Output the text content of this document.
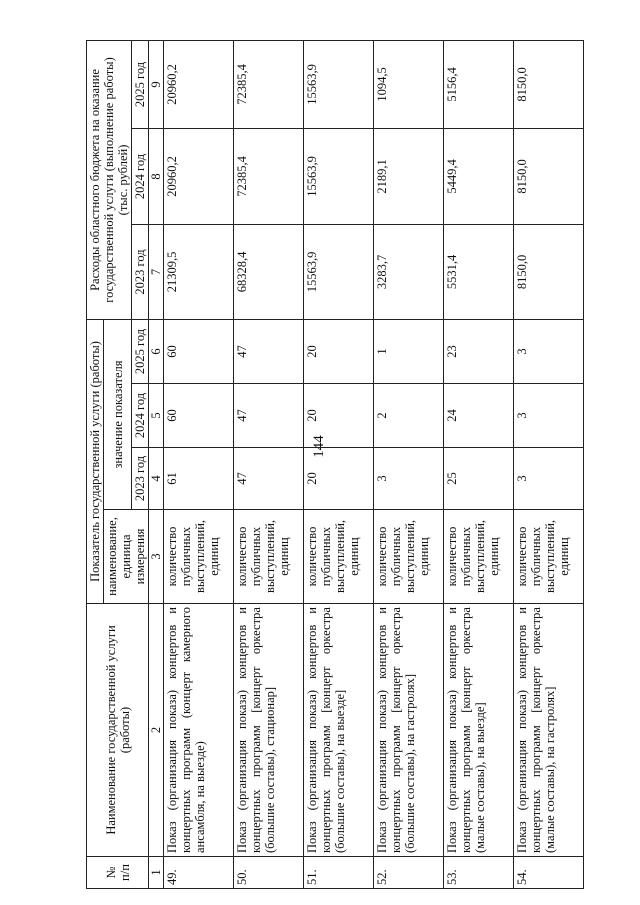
144
№ п/п	Наименование государственной услуги (работы)	Показатель государственной услуги (работы)				Расходы областного бюджета на оказание государственной услуги (выполнение работы) (тыс. рублей)		
		наименование, единица измерения	значение показателя					
			2023 год	2024 год	2025 год	2023 год	2024 год	2025 год
1	2	3	4	5	6	7	8	9
49.	Показ (организация показа) концертов и концертных программ (концерт камерного ансамбля, на выезде)	количество публичных выступлений, единиц	61	60	60	21309,5	20960,2	20960,2
50.	Показ (организация показа) концертов и концертных программ [концерт оркестра (большие составы), стационар]	количество публичных выступлений, единиц	47	47	47	68328,4	72385,4	72385,4
51.	Показ (организация показа) концертов и концертных программ [концерт оркестра (большие составы), на выезде]	количество публичных выступлений, единиц	20	20	20	15563,9	15563,9	15563,9
52.	Показ (организация показа) концертов и концертных программ [концерт оркестра (большие составы), на гастролях]	количество публичных выступлений, единиц	3	2	1	3283,7	2189,1	1094,5
53.	Показ (организация показа) концертов и концертных программ [концерт оркестра (малые составы), на выезде]	количество публичных выступлений, единиц	25	24	23	5531,4	5449,4	5156,4
54.	Показ (организация показа) концертов и концертных программ [концерт оркестра (малые составы), на гастролях]	количество публичных выступлений, единиц	3	3	3	8150,0	8150,0	8150,0
